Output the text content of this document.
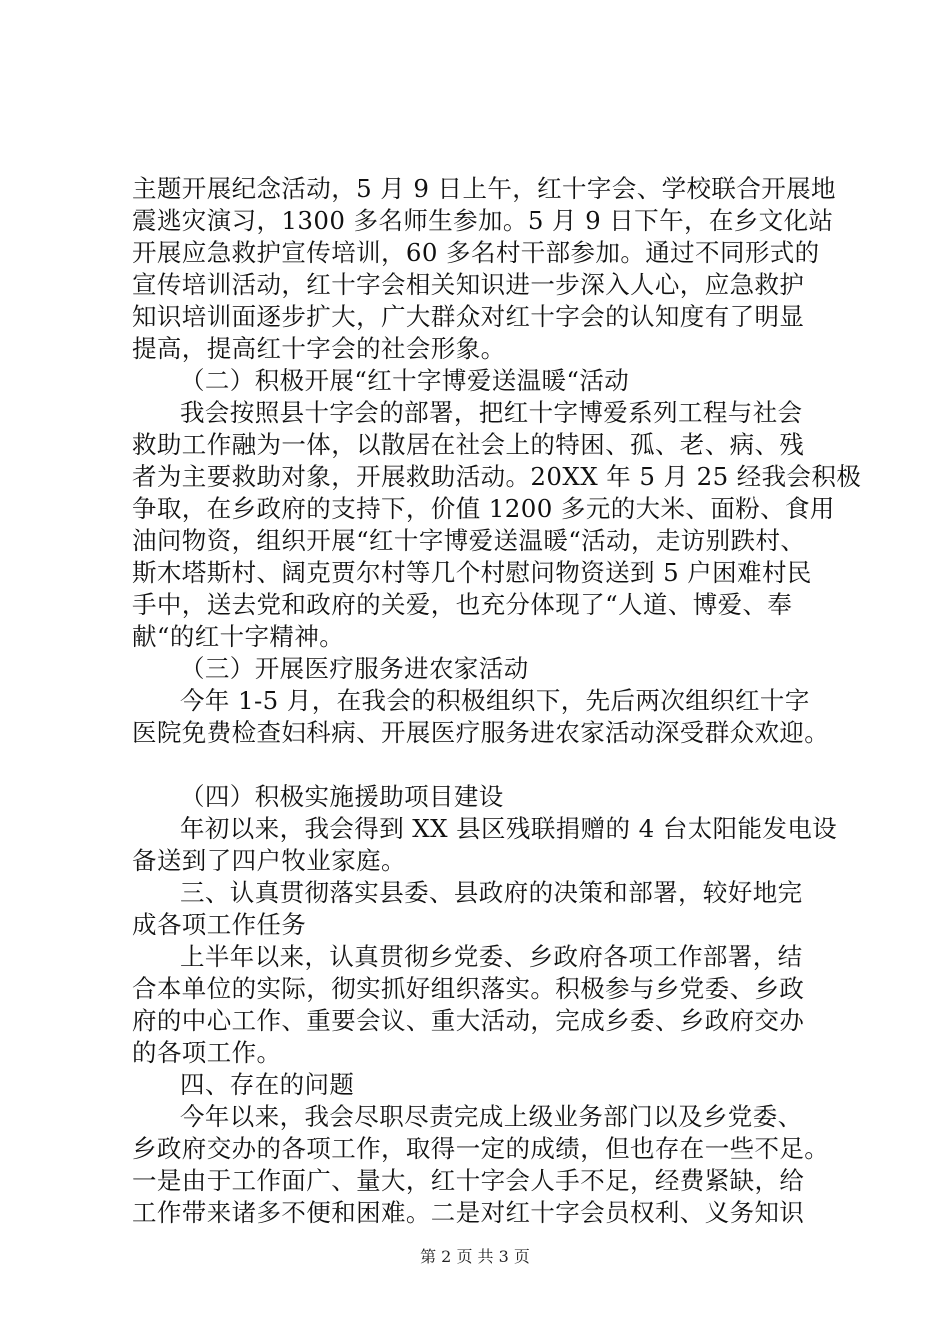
主题开展纪念活动，5 月 9 日上午，红十字会、学校联合开展地
震逃灾演习，1300 多名师生参加。5 月 9 日下午，在乡文化站
开展应急救护宣传培训，60 多名村干部参加。通过不同形式的
宣传培训活动，红十字会相关知识进一步深入人心，应急救护
知识培训面逐步扩大，广大群众对红十字会的认知度有了明显
提高，提高红十字会的社会形象。
（二）积极开展“红十字博爱送温暖“活动
我会按照县十字会的部署，把红十字博爱系列工程与社会
救助工作融为一体，以散居在社会上的特困、孤、老、病、残
者为主要救助对象，开展救助活动。20XX 年 5 月 25 经我会积极
争取，在乡政府的支持下，价值 1200 多元的大米、面粉、食用
油问物资，组织开展“红十字博爱送温暖“活动，走访别跌村、
斯木塔斯村、阔克贾尔村等几个村慰问物资送到 5 户困难村民
手中，送去党和政府的关爱，也充分体现了“人道、博爱、奉
献“的红十字精神。
（三）开展医疗服务进农家活动
今年 1-5 月，在我会的积极组织下，先后两次组织红十字
医院免费检查妇科病、开展医疗服务进农家活动深受群众欢迎。
（四）积极实施援助项目建设
年初以来，我会得到 XX 县区残联捐赠的 4 台太阳能发电设
备送到了四户牧业家庭。
三、认真贯彻落实县委、县政府的决策和部署，较好地完
成各项工作任务
上半年以来，认真贯彻乡党委、乡政府各项工作部署，结
合本单位的实际，彻实抓好组织落实。积极参与乡党委、乡政
府的中心工作、重要会议、重大活动，完成乡委、乡政府交办
的各项工作。
四、存在的问题
今年以来，我会尽职尽责完成上级业务部门以及乡党委、
乡政府交办的各项工作，取得一定的成绩，但也存在一些不足。
一是由于工作面广、量大，红十字会人手不足，经费紧缺，给
工作带来诸多不便和困难。二是对红十字会员权利、义务知识
第 2 页 共 3 页
